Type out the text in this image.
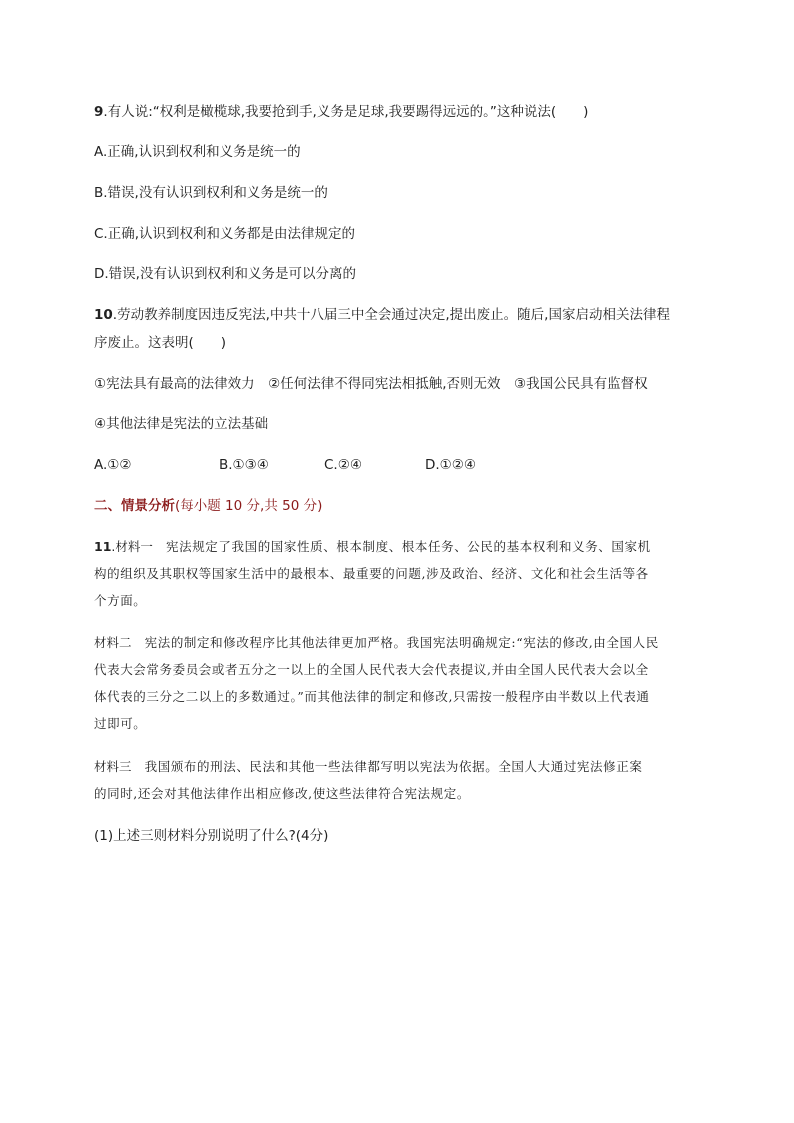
9.有人说:“权利是橄榄球,我要抢到手,义务是足球,我要踢得远远的。”这种说法(　　)
A.正确,认识到权利和义务是统一的
B.错误,没有认识到权利和义务是统一的
C.正确,认识到权利和义务都是由法律规定的
D.错误,没有认识到权利和义务是可以分离的
10.劳动教养制度因违反宪法,中共十八届三中全会通过决定,提出废止。随后,国家启动相关法律程
序废止。这表明(　　)
①宪法具有最高的法律效力　②任何法律不得同宪法相抵触,否则无效　③我国公民具有监督权
④其他法律是宪法的立法基础
A.①②	B.①③④	C.②④	D.①②④
二、情景分析(每小题 10 分,共 50 分)
11.材料一　宪法规定了我国的国家性质、根本制度、根本任务、公民的基本权利和义务、国家机
构的组织及其职权等国家生活中的最根本、最重要的问题,涉及政治、经济、文化和社会生活等各
个方面。
材料二　宪法的制定和修改程序比其他法律更加严格。我国宪法明确规定:“宪法的修改,由全国人民
代表大会常务委员会或者五分之一以上的全国人民代表大会代表提议,并由全国人民代表大会以全
体代表的三分之二以上的多数通过。”而其他法律的制定和修改,只需按一般程序由半数以上代表通
过即可。
材料三　我国颁布的刑法、民法和其他一些法律都写明以宪法为依据。全国人大通过宪法修正案
的同时,还会对其他法律作出相应修改,使这些法律符合宪法规定。
(1)上述三则材料分别说明了什么?(4分)
